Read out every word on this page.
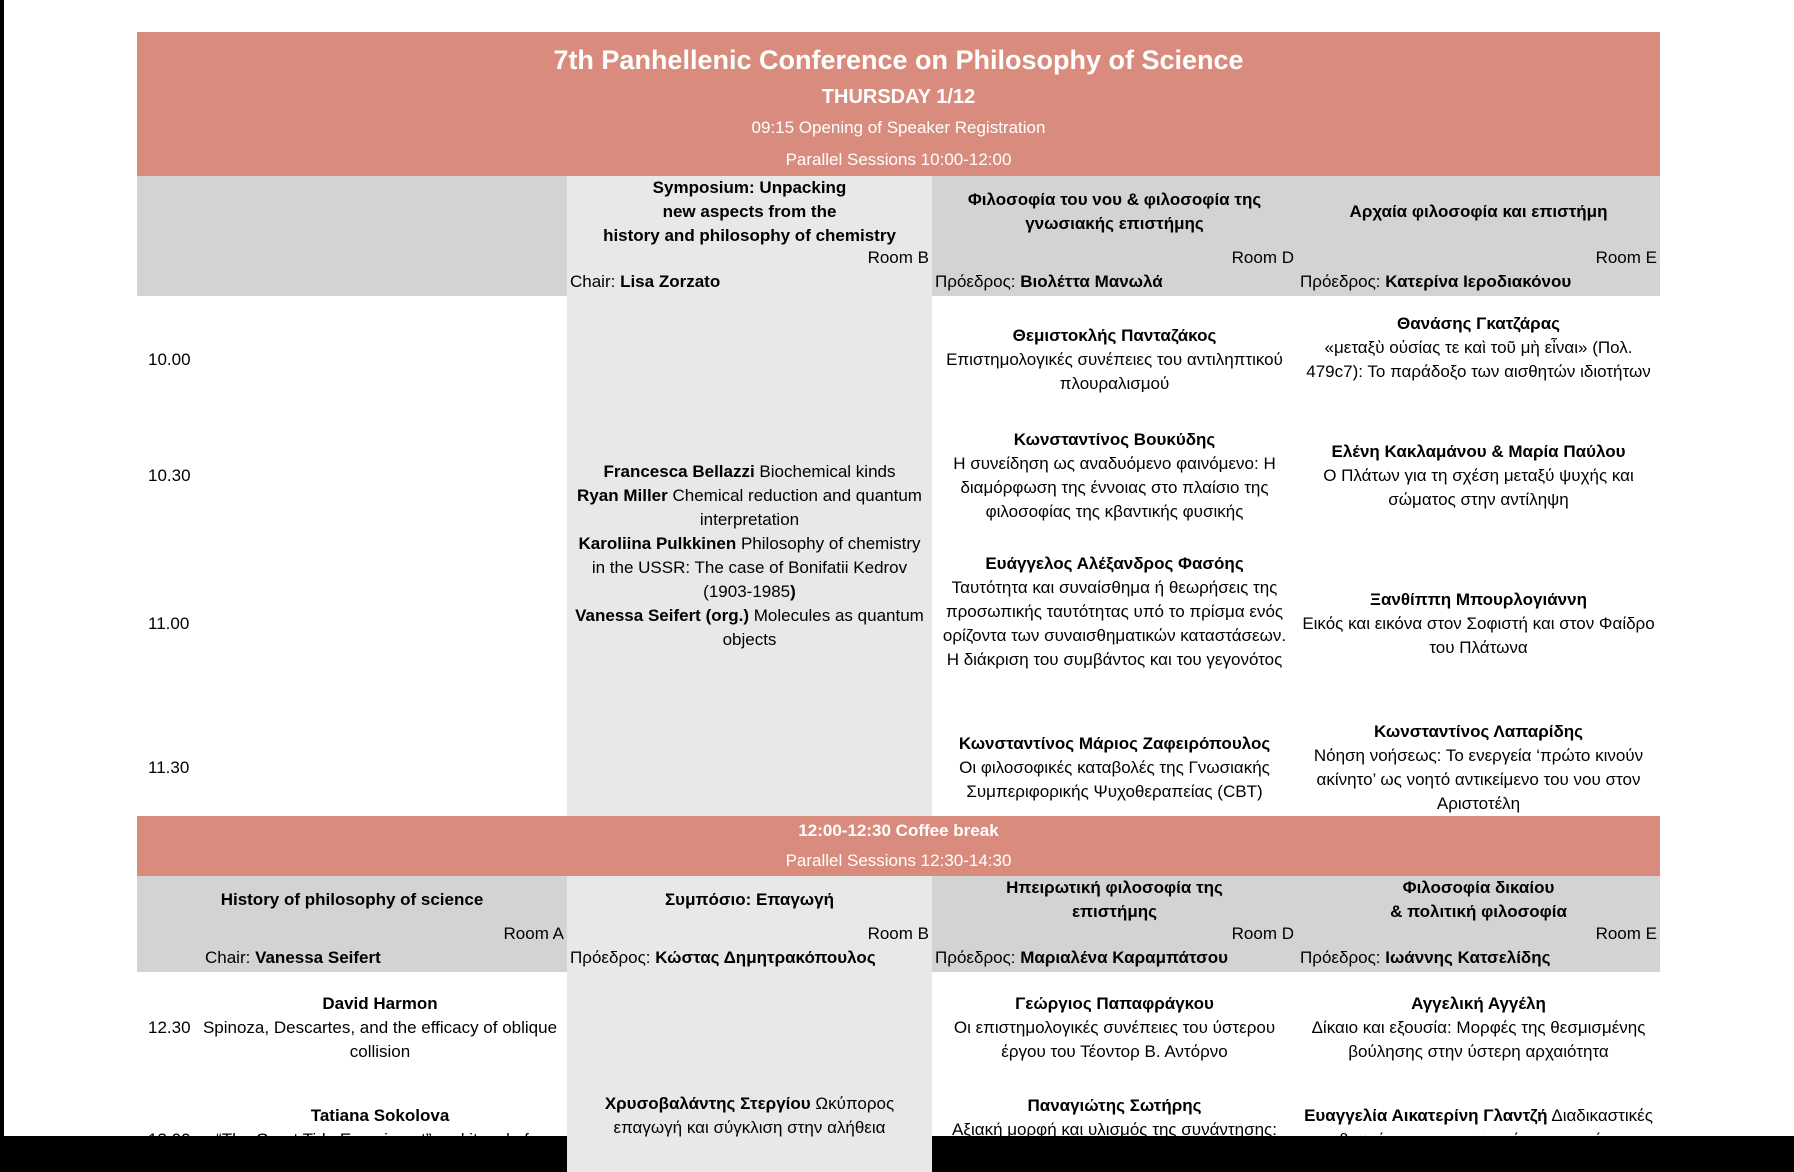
7th Panhellenic Conference on Philosophy of Science
THURSDAY 1/12
09:15 Opening of Speaker Registration
Parallel Sessions 10:00-12:00
Symposium: Unpacking
new aspects from the
history and philosophy of chemistry
Room B
Chair: Lisa Zorzato
Φιλοσοφία του νου & φιλοσοφία της
γνωσιακής επιστήμης
Room D
Πρόεδρος: Βιολέττα Μανωλά
Αρχαία φιλοσοφία και επιστήμη
Room E
Πρόεδρος: Κατερίνα Ιεροδιακόνου
10.00
10.30
11.00
11.30

Francesca Bellazzi Biochemical kinds

Ryan Miller Chemical reduction and quantum interpretation

Karoliina Pulkkinen Philosophy of chemistry in the USSR: The case of Bonifatii Kedrov (1903-1985)

Vanessa Seifert (org.) Molecules as quantum objects

Θεμιστοκλής Πανταζάκος
Επιστημολογικές συνέπειες του αντιληπτικού πλουραλισμού
Κωνσταντίνος Βουκύδης
Η συνείδηση ως αναδυόμενο φαινόμενο: Η διαμόρφωση της έννοιας στο πλαίσιο της φιλοσοφίας της κβαντικής φυσικής
Ευάγγελος Αλέξανδρος Φασόης
Ταυτότητα και συναίσθημα ή θεωρήσεις της προσωπικής ταυτότητας υπό το πρίσμα ενός ορίζοντα των συναισθηματικών καταστάσεων. Η διάκριση του συμβάντος και του γεγονότος
Κωνσταντίνος Μάριος Ζαφειρόπουλος
Οι φιλοσοφικές καταβολές της Γνωσιακής Συμπεριφορικής Ψυχοθεραπείας (CBT)
Θανάσης Γκατζάρας
«μεταξὺ οὐσίας τε καὶ τοῦ μὴ εἶναι» (Πολ. 479c7): Το παράδοξο των αισθητών ιδιοτήτων
Ελένη Κακλαμάνου & Μαρία Παύλου
Ο Πλάτων για τη σχέση μεταξύ ψυχής και σώματος στην αντίληψη
Ξανθίππη Μπουρλογιάννη
Εικός και εικόνα στον Σοφιστή και στον Φαίδρο του Πλάτωνα
Κωνσταντίνος Λαπαρίδης
Νόηση νοήσεως: Το ενεργεία ‘πρώτο κινούν ακίνητο’ ως νοητό αντικείμενο του νου στον Αριστοτέλη
12:00-12:30 Coffee break
Parallel Sessions 12:30-14:30
History of philosophy of science
Room A
Chair: Vanessa Seifert
Συμπόσιο: Επαγωγή
Room B
Πρόεδρος: Κώστας Δημητρακόπουλος
Ηπειρωτική φιλοσοφία της
επιστήμης
Room D
Πρόεδρος: Μαριαλένα Καραμπάτσου
Φιλοσοφία δικαίου
& πολιτική φιλοσοφία
Room E
Πρόεδρος: Ιωάννης Κατσελίδης
12.30
13.00
David Harmon
Spinoza, Descartes, and the efficacy of oblique collision
Tatiana Sokolova
“The Great Tide Experiment” and its role for
Χρυσοβαλάντης Στεργίου Ωκύπορος επαγωγή και σύγκλιση στην αλήθεια
Γεώργιος Παπαφράγκου
Οι επιστημολογικές συνέπειες του ύστερου έργου του Τέοντορ Β. Αντόρνο
Παναγιώτης Σωτήρης
Αξιακή μορφή και υλισμός της συνάντησης:
Αγγελική Αγγέλη
Δίκαιο και εξουσία: Μορφές της θεσμισμένης βούλησης στην ύστερη αρχαιότητα
Ευαγγελία Αικατερίνη Γλαντζή Διαδικαστικές θεωρίες της προσωπικής αυτονομίας
